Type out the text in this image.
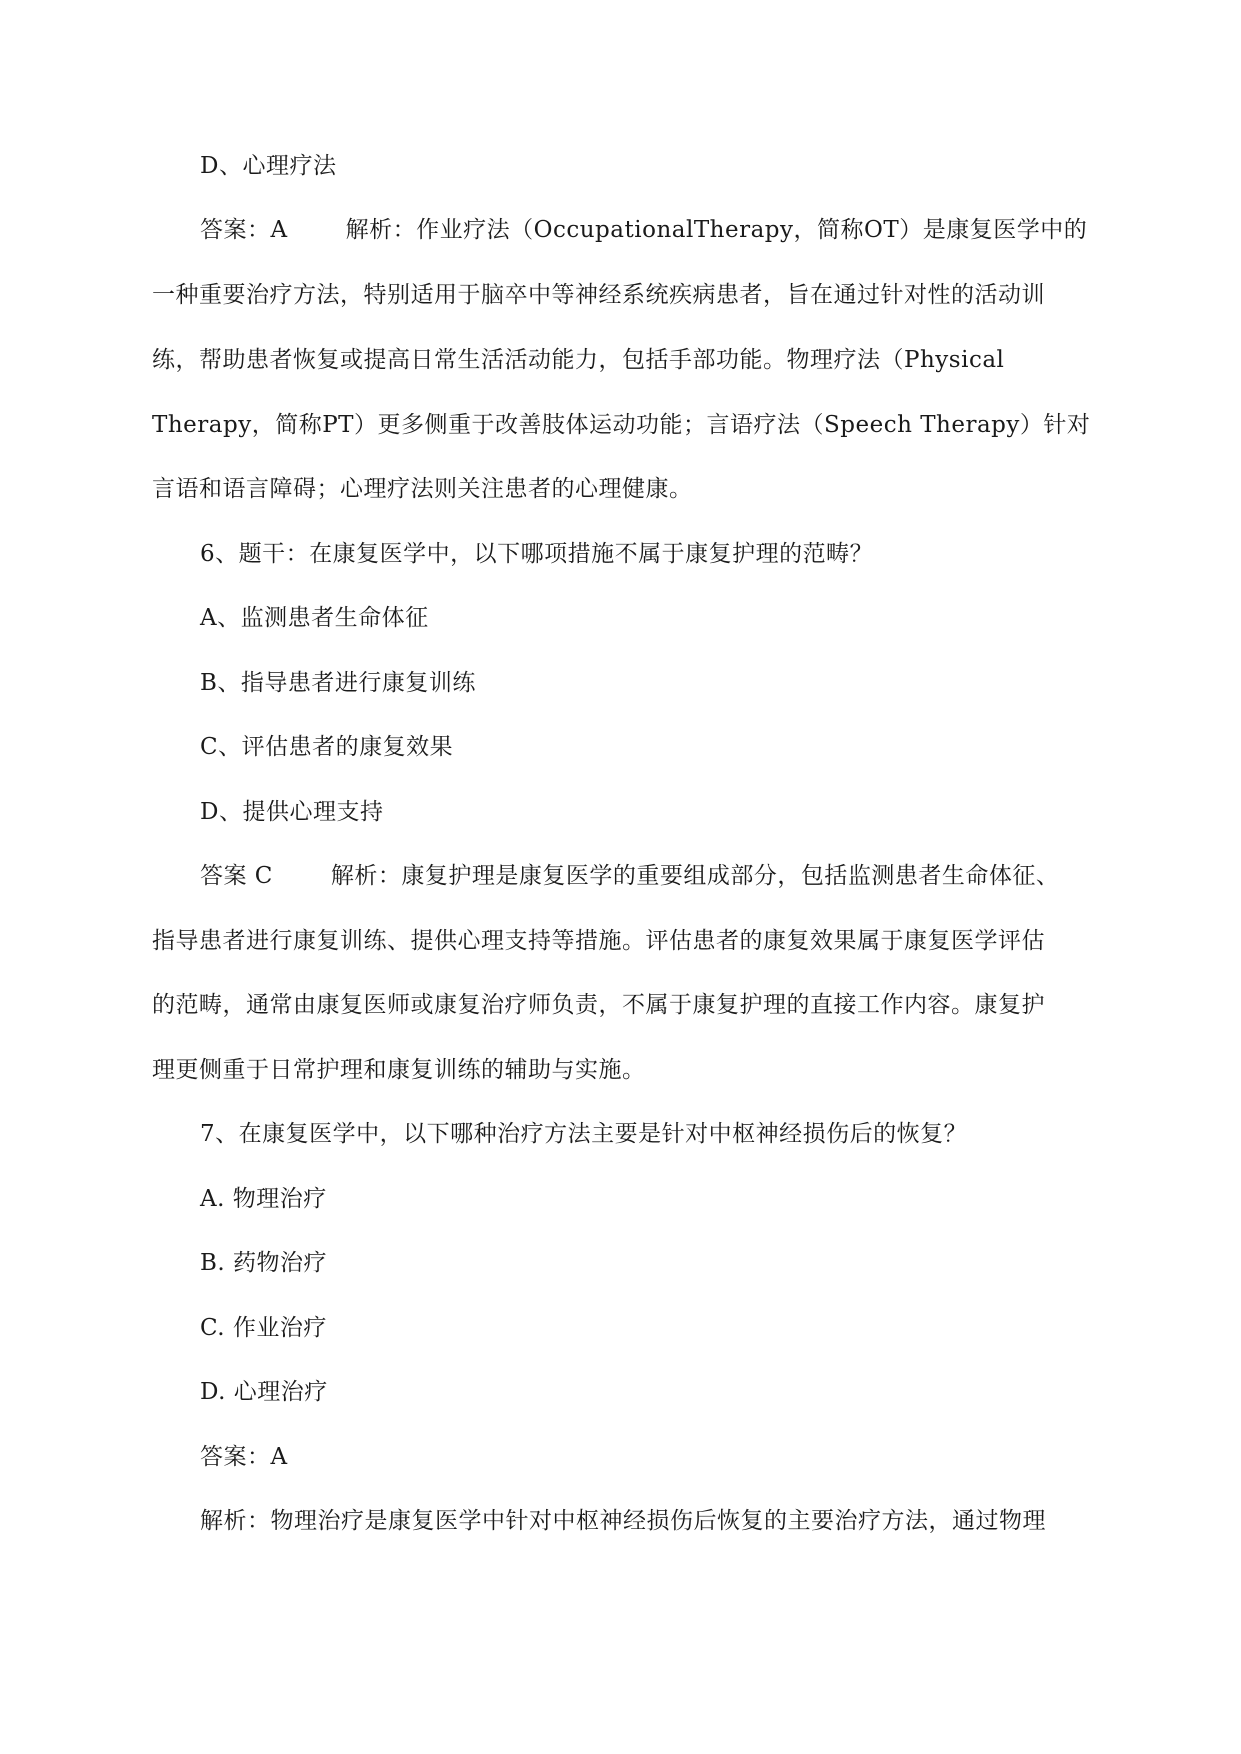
D、心理疗法
答案：A	解析：作业疗法（OccupationalTherapy，简称OT）是康复医学中的
一种重要治疗方法，特别适用于脑卒中等神经系统疾病患者，旨在通过针对性的活动训
练，帮助患者恢复或提高日常生活活动能力，包括手部功能。物理疗法（Physical
Therapy，简称PT）更多侧重于改善肢体运动功能；言语疗法（Speech Therapy）针对
言语和语言障碍；心理疗法则关注患者的心理健康。
6、题干：在康复医学中，以下哪项措施不属于康复护理的范畴？
A、监测患者生命体征
B、指导患者进行康复训练
C、评估患者的康复效果
D、提供心理支持
答案 C	解析：康复护理是康复医学的重要组成部分，包括监测患者生命体征、
指导患者进行康复训练、提供心理支持等措施。评估患者的康复效果属于康复医学评估
的范畴，通常由康复医师或康复治疗师负责，不属于康复护理的直接工作内容。康复护
理更侧重于日常护理和康复训练的辅助与实施。
7、在康复医学中，以下哪种治疗方法主要是针对中枢神经损伤后的恢复？
A. 物理治疗
B. 药物治疗
C. 作业治疗
D. 心理治疗
答案：A
解析：物理治疗是康复医学中针对中枢神经损伤后恢复的主要治疗方法，通过物理
